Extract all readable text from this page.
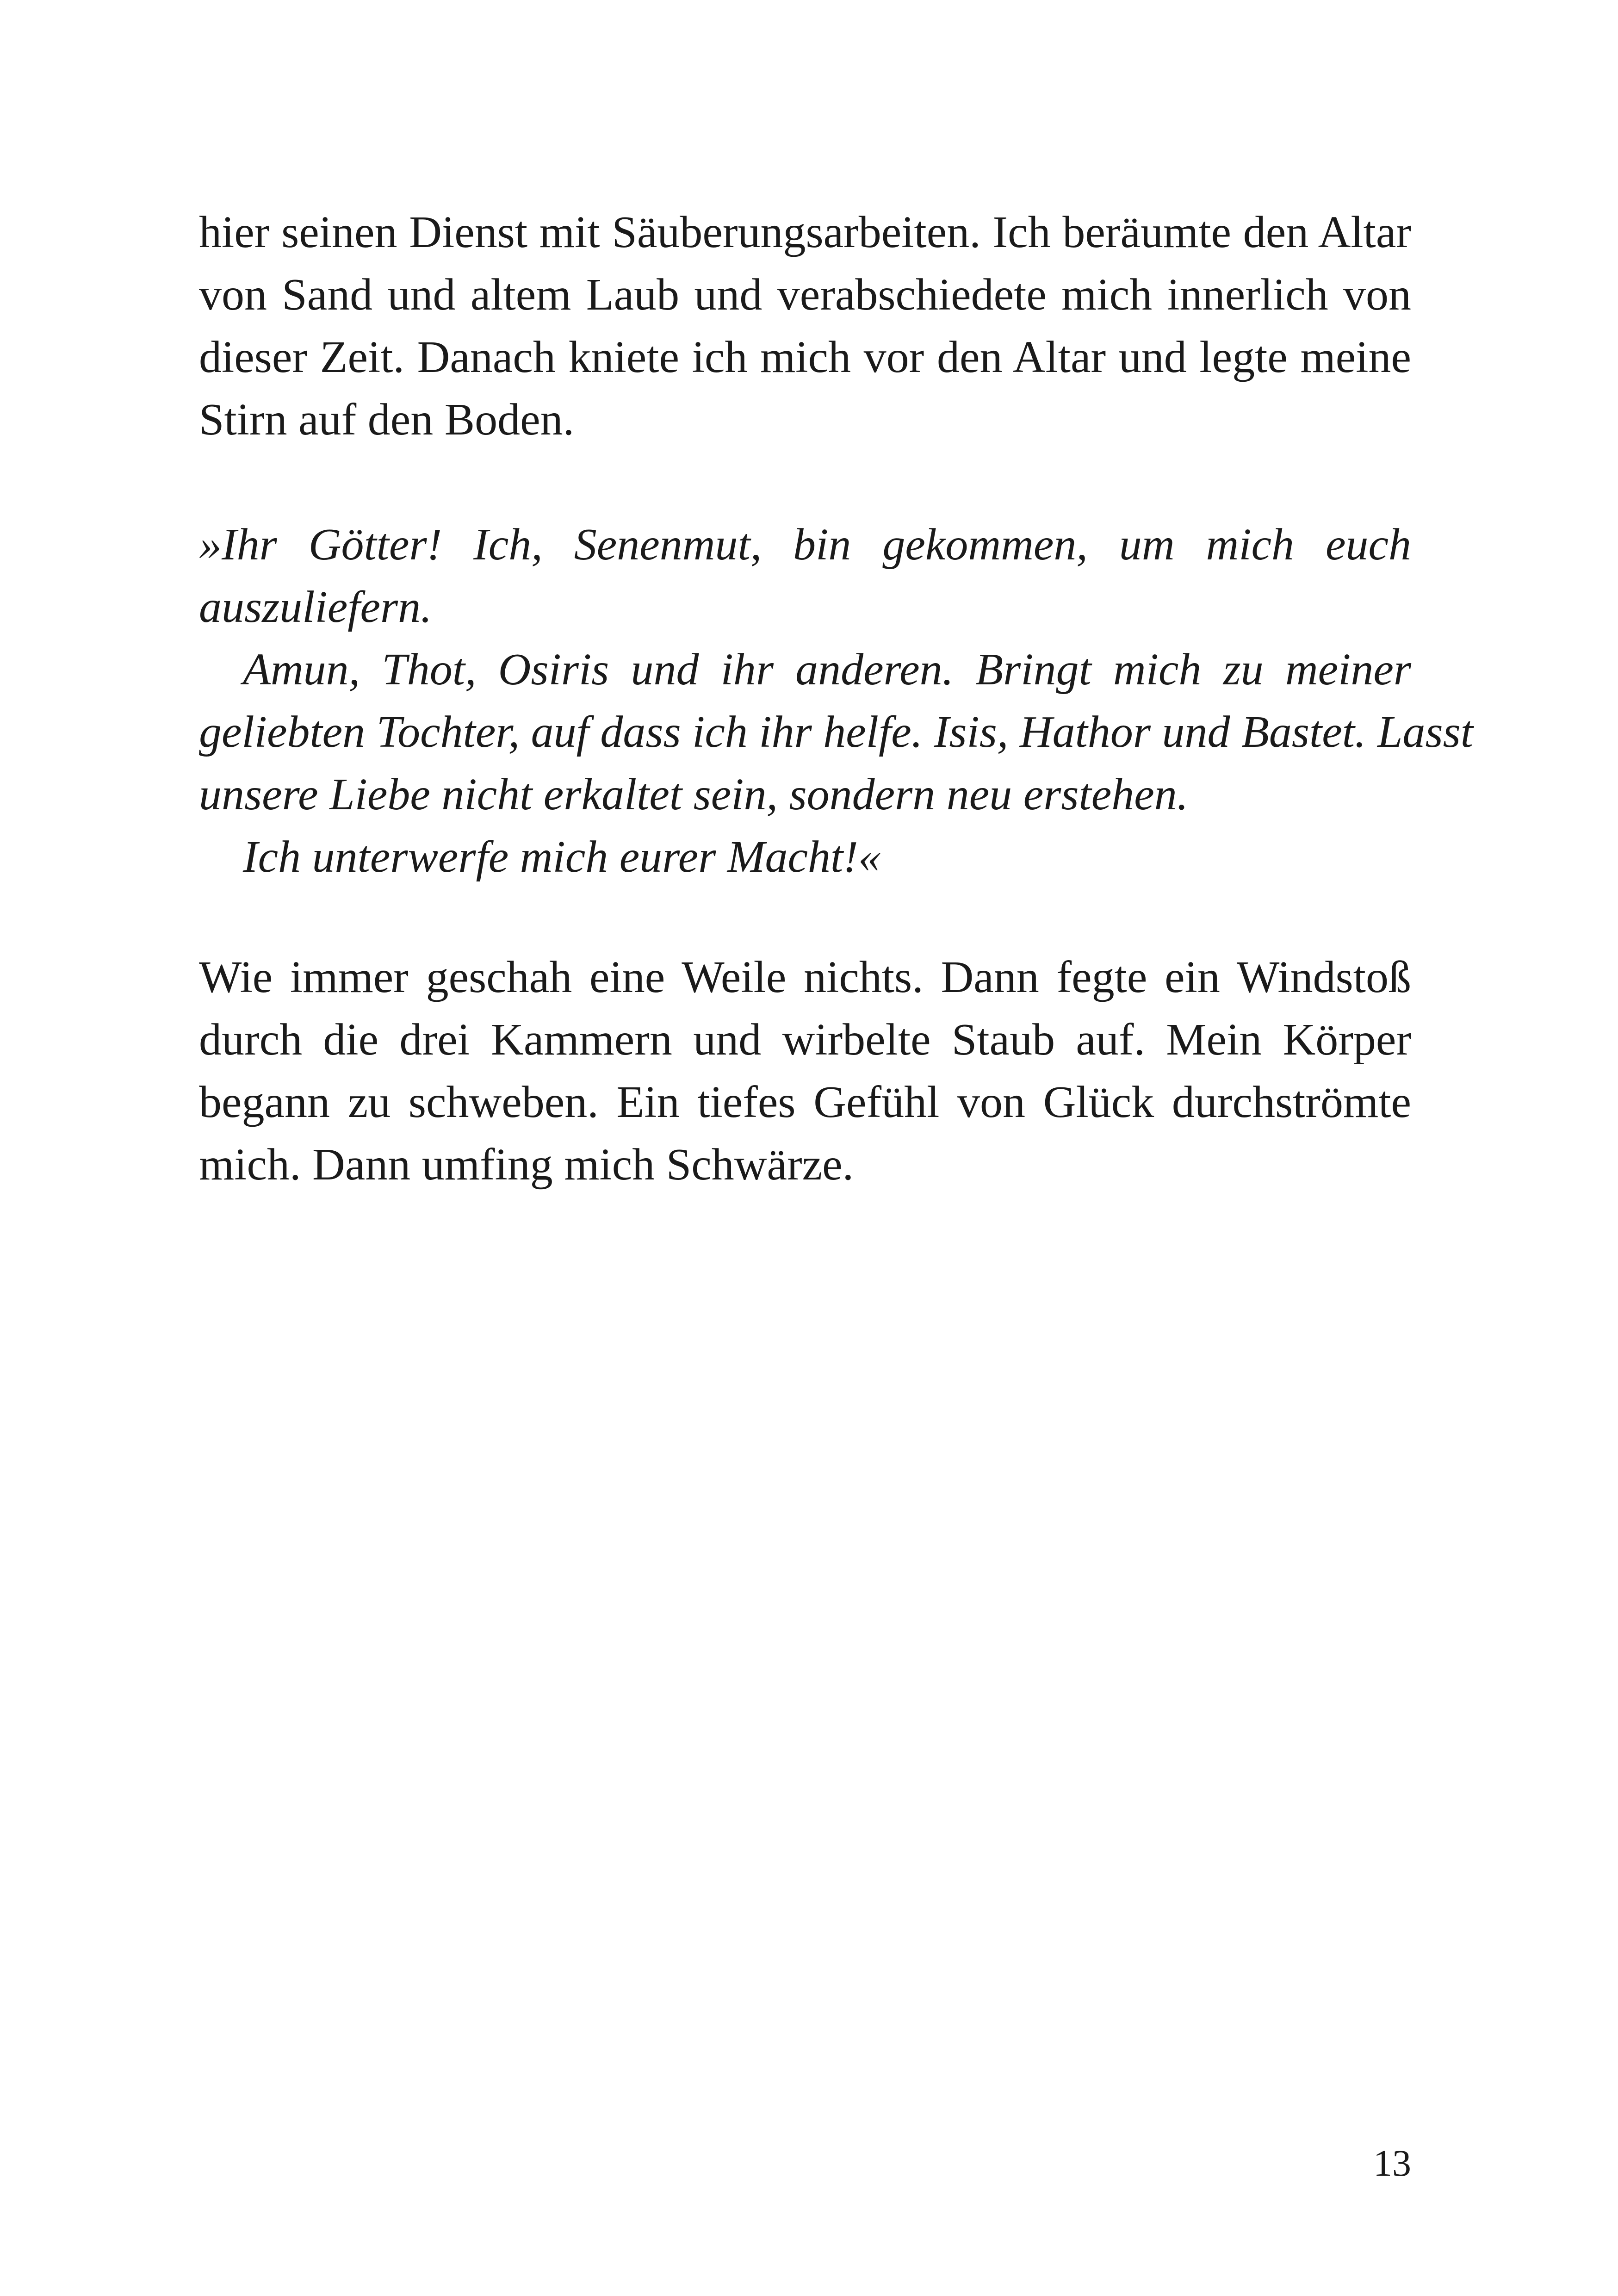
hier seinen Dienst mit Säuberungsarbeiten. Ich beräumte den Altar
von Sand und altem Laub und verabschiedete mich innerlich von
dieser Zeit. Danach kniete ich mich vor den Altar und legte meine
Stirn auf den Boden.
»Ihr Götter! Ich, Senenmut, bin gekommen, um mich euch
auszuliefern.
Amun, Thot, Osiris und ihr anderen. Bringt mich zu meiner
geliebten Tochter, auf dass ich ihr helfe. Isis, Hathor und Bastet. Lasst
unsere Liebe nicht erkaltet sein, sondern neu erstehen.
Ich unterwerfe mich eurer Macht!«
Wie immer geschah eine Weile nichts. Dann fegte ein Windstoß
durch die drei Kammern und wirbelte Staub auf. Mein Körper
begann zu schweben. Ein tiefes Gefühl von Glück durchströmte
mich. Dann umfing mich Schwärze.
13
